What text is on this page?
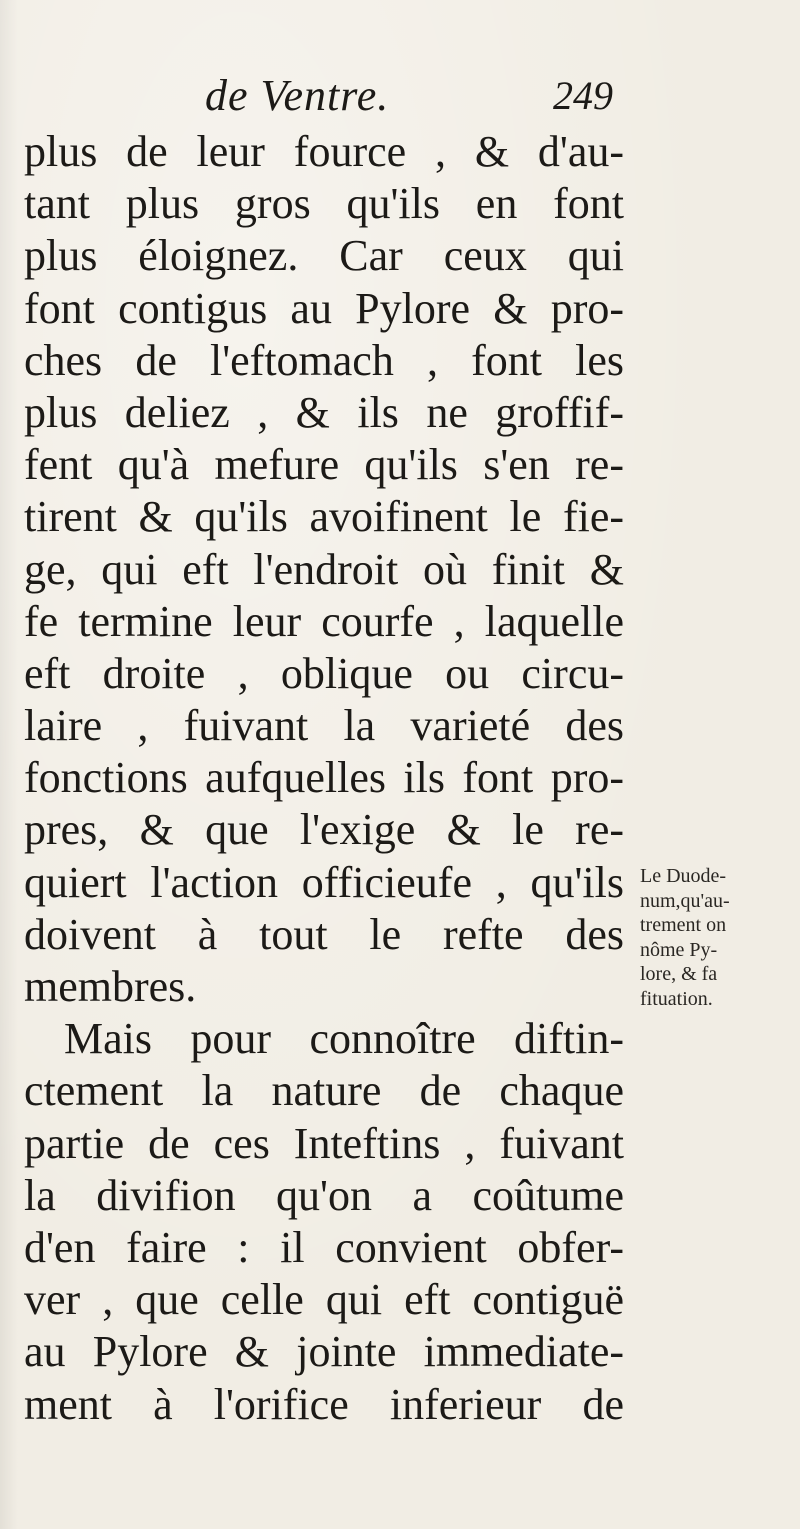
de Ventre.	249
plus de leur fource , & d'au-
tant plus gros qu'ils en font
plus éloignez. Car ceux qui
font contigus au Pylore & pro-
ches de l'eftomach , font les
plus deliez , & ils ne groffif-
fent qu'à mefure qu'ils s'en re-
tirent & qu'ils avoifinent le fie-
ge, qui eft l'endroit où finit &
fe termine leur courfe , laquelle
eft droite , oblique ou circu-
laire , fuivant la varieté des
fonctions aufquelles ils font pro-
pres, & que l'exige & le re-
quiert l'action officieufe , qu'ils
doivent à tout le refte des
membres.
Mais pour connoître diftin-
ctement la nature de chaque
partie de ces Inteftins , fuivant
la divifion qu'on a coûtume
d'en faire : il convient obfer-
ver , que celle qui eft contiguë
au Pylore & jointe immediate-
ment à l'orifice inferieur de
Le Duode-
num,qu'au-
trement on
nôme Py-
lore, & fa
fituation.
